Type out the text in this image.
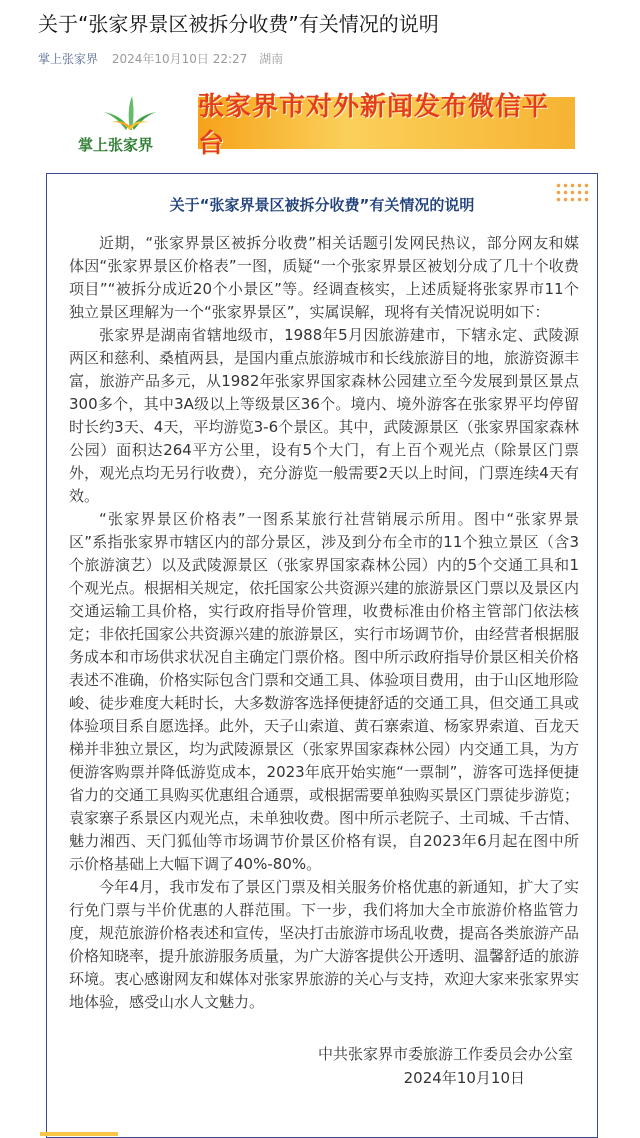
关于“张家界景区被拆分收费”有关情况的说明
掌上张家界 2024年10月10日 22:27 湖南
掌上张家界
张家界市对外新闻发布微信平台
关于“张家界景区被拆分收费”有关情况的说明

近期，“张家界景区被拆分收费”相关话题引发网民热议，部分网友和媒体因“张家界景区价格表”一图，质疑“一个张家界景区被划分成了几十个收费项目”“被拆分成近20个小景区”等。经调查核实，上述质疑将张家界市11个独立景区理解为一个“张家界景区”，实属误解，现将有关情况说明如下：

张家界是湖南省辖地级市，1988年5月因旅游建市，下辖永定、武陵源两区和慈利、桑植两县，是国内重点旅游城市和长线旅游目的地，旅游资源丰富，旅游产品多元，从1982年张家界国家森林公园建立至今发展到景区景点300多个，其中3A级以上等级景区36个。境内、境外游客在张家界平均停留时长约3天、4天，平均游览3-6个景区。其中，武陵源景区（张家界国家森林公园）面积达264平方公里，设有5个大门，有上百个观光点（除景区门票外，观光点均无另行收费），充分游览一般需要2天以上时间，门票连续4天有效。

“张家界景区价格表”一图系某旅行社营销展示所用。图中“张家界景区”系指张家界市辖区内的部分景区，涉及到分布全市的11个独立景区（含3个旅游演艺）以及武陵源景区（张家界国家森林公园）内的5个交通工具和1个观光点。根据相关规定，依托国家公共资源兴建的旅游景区门票以及景区内交通运输工具价格，实行政府指导价管理，收费标准由价格主管部门依法核定；非依托国家公共资源兴建的旅游景区，实行市场调节价，由经营者根据服务成本和市场供求状况自主确定门票价格。图中所示政府指导价景区相关价格表述不准确，价格实际包含门票和交通工具、体验项目费用，由于山区地形险峻、徒步难度大耗时长，大多数游客选择便捷舒适的交通工具，但交通工具或体验项目系自愿选择。此外，天子山索道、黄石寨索道、杨家界索道、百龙天梯并非独立景区，均为武陵源景区（张家界国家森林公园）内交通工具，为方便游客购票并降低游览成本，2023年底开始实施“一票制”，游客可选择便捷省力的交通工具购买优惠组合通票，或根据需要单独购买景区门票徒步游览；袁家寨子系景区内观光点，未单独收费。图中所示老院子、土司城、千古情、魅力湘西、天门狐仙等市场调节价景区价格有误，自2023年6月起在图中所示价格基础上大幅下调了40%-80%。

今年4月，我市发布了景区门票及相关服务价格优惠的新通知，扩大了实行免门票与半价优惠的人群范围。下一步，我们将加大全市旅游价格监管力度，规范旅游价格表述和宣传，坚决打击旅游市场乱收费，提高各类旅游产品价格知晓率，提升旅游服务质量，为广大游客提供公开透明、温馨舒适的旅游环境。衷心感谢网友和媒体对张家界旅游的关心与支持，欢迎大家来张家界实地体验，感受山水人文魅力。

中共张家界市委旅游工作委员会办公室
2024年10月10日
